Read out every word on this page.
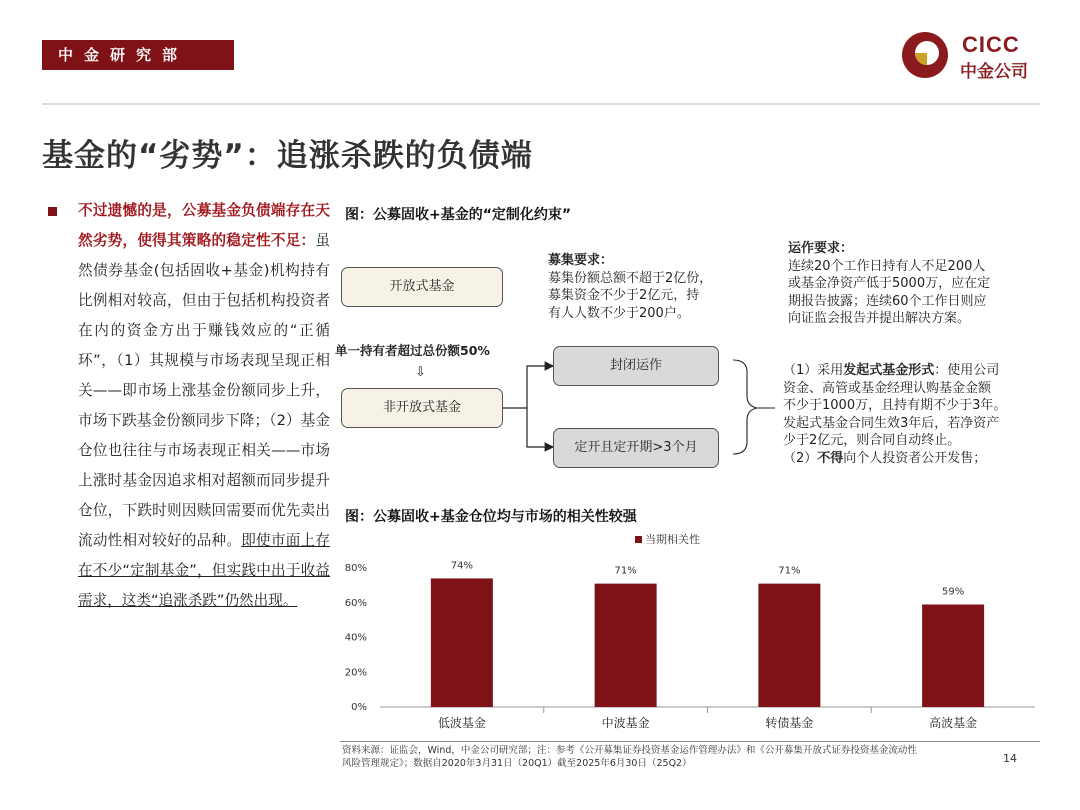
中金研究部	CICC
中金公司
基金的“劣势”：追涨杀跌的负债端
不过遗憾的是，公募基金负债端存在天然劣势，使得其策略的稳定性不足：虽然债券基金(包括固收+基金)机构持有比例相对较高，但由于包括机构投资者在内的资金方出于赚钱效应的“正循环”，（1）其规模与市场表现呈现正相关——即市场上涨基金份额同步上升，市场下跌基金份额同步下降；（2）基金仓位也往往与市场表现正相关——市场上涨时基金因追求相对超额而同步提升仓位，下跌时则因赎回需要而优先卖出流动性相对较好的品种。即使市面上存在不少“定制基金”，但实践中出于收益需求，这类“追涨杀跌”仍然出现。
图：公募固收+基金的“定制化约束”
开放式基金
单一持有者超过总份额50%
⇩
非开放式基金
封闭运作
定开且定开期>3个月
募集要求：
募集份额总额不超于2亿份，
募集资金不少于2亿元，持
有人人数不少于200户。
运作要求：
连续20个工作日持有人不足200人
或基金净资产低于5000万，应在定
期报告披露；连续60个工作日则应
向证监会报告并提出解决方案。
（1）采用发起式基金形式：使用公司
资金、高管或基金经理认购基金金额
不少于1000万，且持有期不少于3年。
发起式基金合同生效3年后，若净资产
少于2亿元，则合同自动终止。
（2）不得向个人投资者公开发售；
图：公募固收+基金仓位均与市场的相关性较强
0%
20%
40%
60%
80%	74%
低波基金
71%
中波基金
71%
转债基金
59%
高波基金
当期相关性
资料来源：证监会，Wind，中金公司研究部；注：参考《公开募集证券投资基金运作管理办法》和《公开募集开放式证券投资基金流动性
风险管理规定》；数据自2020年3月31日（20Q1）截至2025年6月30日（25Q2）	14
